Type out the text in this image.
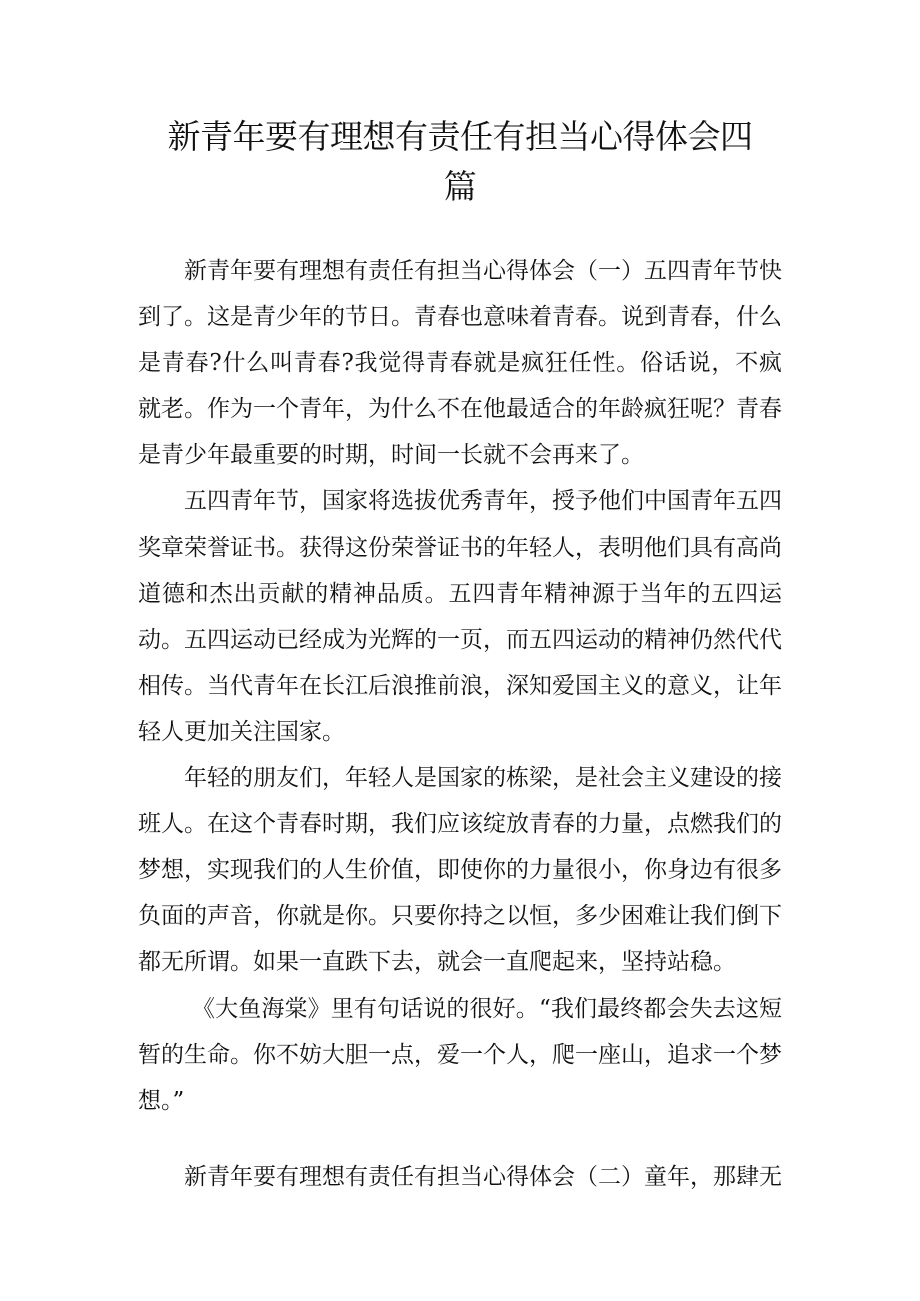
新青年要有理想有责任有担当心得体会四
篇

新青年要有理想有责任有担当心得体会（一）五四青年节快到了。这是青少年的节日。青春也意味着青春。说到青春，什么是青春?什么叫青春?我觉得青春就是疯狂任性。俗话说，不疯就老。作为一个青年，为什么不在他最适合的年龄疯狂呢？青春是青少年最重要的时期，时间一长就不会再来了。

五四青年节，国家将选拔优秀青年，授予他们中国青年五四奖章荣誉证书。获得这份荣誉证书的年轻人，表明他们具有高尚道德和杰出贡献的精神品质。五四青年精神源于当年的五四运动。五四运动已经成为光辉的一页，而五四运动的精神仍然代代相传。当代青年在长江后浪推前浪，深知爱国主义的意义，让年轻人更加关注国家。

年轻的朋友们，年轻人是国家的栋梁，是社会主义建设的接班人。在这个青春时期，我们应该绽放青春的力量，点燃我们的梦想，实现我们的人生价值，即使你的力量很小，你身边有很多负面的声音，你就是你。只要你持之以恒，多少困难让我们倒下都无所谓。如果一直跌下去，就会一直爬起来，坚持站稳。

《大鱼海棠》里有句话说的很好。“我们最终都会失去这短暂的生命。你不妨大胆一点，爱一个人，爬一座山，追求一个梦想。”

新青年要有理想有责任有担当心得体会（二）童年，那肆无
